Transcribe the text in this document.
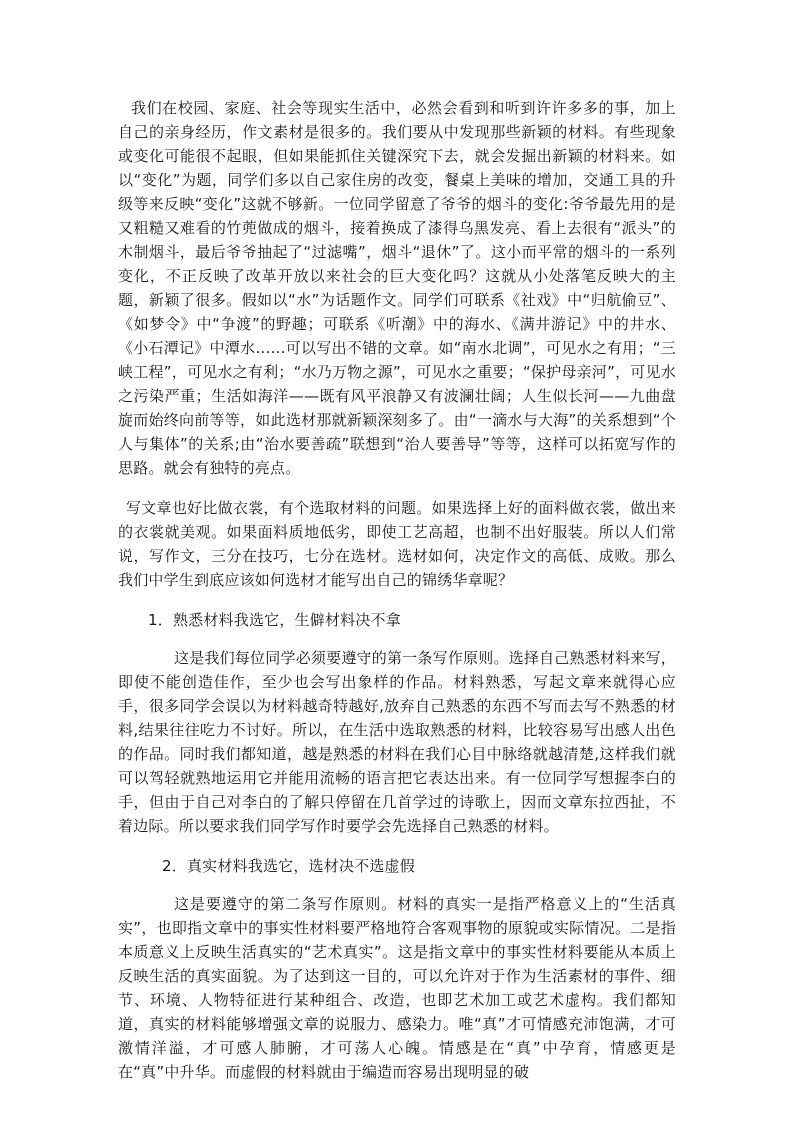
我们在校园、家庭、社会等现实生活中，必然会看到和听到许许多多的事，加上自己的亲身经历，作文素材是很多的。我们要从中发现那些新颖的材料。有些现象或变化可能很不起眼，但如果能抓住关键深究下去，就会发掘出新颖的材料来。如以“变化”为题，同学们多以自己家住房的改变，餐桌上美味的增加，交通工具的升级等来反映“变化”这就不够新。一位同学留意了爷爷的烟斗的变化:爷爷最先用的是又粗糙又难看的竹蔸做成的烟斗，接着换成了漆得乌黑发亮、看上去很有“派头”的木制烟斗，最后爷爷抽起了“过滤嘴”，烟斗“退休”了。这小而平常的烟斗的一系列变化，不正反映了改革开放以来社会的巨大变化吗？这就从小处落笔反映大的主题，新颖了很多。假如以“水”为话题作文。同学们可联系《社戏》中“归航偷豆”、《如梦令》中“争渡”的野趣；可联系《听潮》中的海水、《满井游记》中的井水、《小石潭记》中潭水……可以写出不错的文章。如“南水北调”，可见水之有用；“三峡工程”，可见水之有利；“水乃万物之源”，可见水之重要；“保护母亲河”，可见水之污染严重；生活如海洋——既有风平浪静又有波澜壮阔；人生似长河——九曲盘旋而始终向前等等，如此选材那就新颖深刻多了。由“一滴水与大海”的关系想到“个人与集体”的关系;由“治水要善疏”联想到“治人要善导”等等，这样可以拓宽写作的思路。就会有独特的亮点。

写文章也好比做衣裳，有个选取材料的问题。如果选择上好的面料做衣裳，做出来的衣裳就美观。如果面料质地低劣，即使工艺高超，也制不出好服装。所以人们常说，写作文，三分在技巧，七分在选材。选材如何，决定作文的高低、成败。那么我们中学生到底应该如何选材才能写出自己的锦绣华章呢？

1．熟悉材料我选它，生僻材料决不拿

这是我们每位同学必须要遵守的第一条写作原则。选择自己熟悉材料来写，即使不能创造佳作，至少也会写出象样的作品。材料熟悉，写起文章来就得心应手，很多同学会误以为材料越奇特越好,放弃自己熟悉的东西不写而去写不熟悉的材料,结果往往吃力不讨好。所以，在生活中选取熟悉的材料，比较容易写出感人出色的作品。同时我们都知道，越是熟悉的材料在我们心目中脉络就越清楚,这样我们就可以驾轻就熟地运用它并能用流畅的语言把它表达出来。有一位同学写想握李白的手，但由于自己对李白的了解只停留在几首学过的诗歌上，因而文章东拉西扯，不着边际。所以要求我们同学写作时要学会先选择自己熟悉的材料。

2．真实材料我选它，选材决不选虚假

这是要遵守的第二条写作原则。材料的真实一是指严格意义上的“生活真实”，也即指文章中的事实性材料要严格地符合客观事物的原貌或实际情况。二是指本质意义上反映生活真实的“艺术真实”。这是指文章中的事实性材料要能从本质上反映生活的真实面貌。为了达到这一目的，可以允许对于作为生活素材的事件、细节、环境、人物特征进行某种组合、改造，也即艺术加工或艺术虚构。我们都知道，真实的材料能够增强文章的说服力、感染力。唯“真”才可情感充沛饱满，才可激情洋溢，才可感人肺腑，才可荡人心魄。情感是在“真”中孕育，情感更是在“真”中升华。而虚假的材料就由于编造而容易出现明显的破
